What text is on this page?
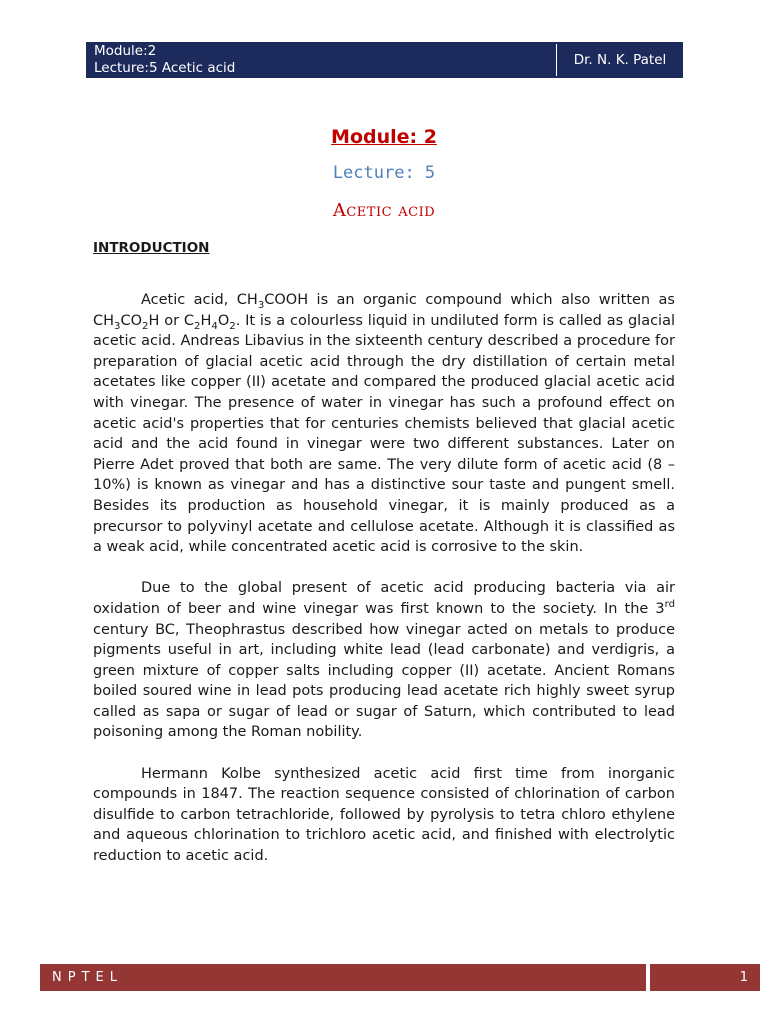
Module:2
Lecture:5 Acetic acid	Dr. N. K. Patel
Module: 2
Lecture: 5
Acetic acid
INTRODUCTION

Acetic acid, $CH_3COOH$ is an organic compound which also written as $CH_3CO_2H$ or $C_2H_4O_2$. It is a colourless liquid in undiluted form is called as glacial acetic acid. Andreas Libavius in the sixteenth century described a procedure for preparation of glacial acetic acid through the dry distillation of certain metal acetates like copper (II) acetate and compared the produced glacial acetic acid with vinegar. The presence of water in vinegar has such a profound effect on acetic acid's properties that for centuries chemists believed that glacial acetic acid and the acid found in vinegar were two different substances. Later on Pierre Adet proved that both are same. The very dilute form of acetic acid (8 – 10%) is known as vinegar and has a distinctive sour taste and pungent smell. Besides its production as household vinegar, it is mainly produced as a precursor to polyvinyl acetate and cellulose acetate. Although it is classified as a weak acid, while concentrated acetic acid is corrosive to the skin.

Due to the global present of acetic acid producing bacteria via air oxidation of beer and wine vinegar was first known to the society. In the 3rd century BC, Theophrastus described how vinegar acted on metals to produce pigments useful in art, including white lead (lead carbonate) and verdigris, a green mixture of copper salts including copper (II) acetate. Ancient Romans boiled soured wine in lead pots producing lead acetate rich highly sweet syrup called as sapa or sugar of lead or sugar of Saturn, which contributed to lead poisoning among the Roman nobility.

Hermann Kolbe synthesized acetic acid first time from inorganic compounds in 1847. The reaction sequence consisted of chlorination of carbon disulfide to carbon tetrachloride, followed by pyrolysis to tetra chloro ethylene and aqueous chlorination to trichloro acetic acid, and finished with electrolytic reduction to acetic acid.

NPTEL	1
